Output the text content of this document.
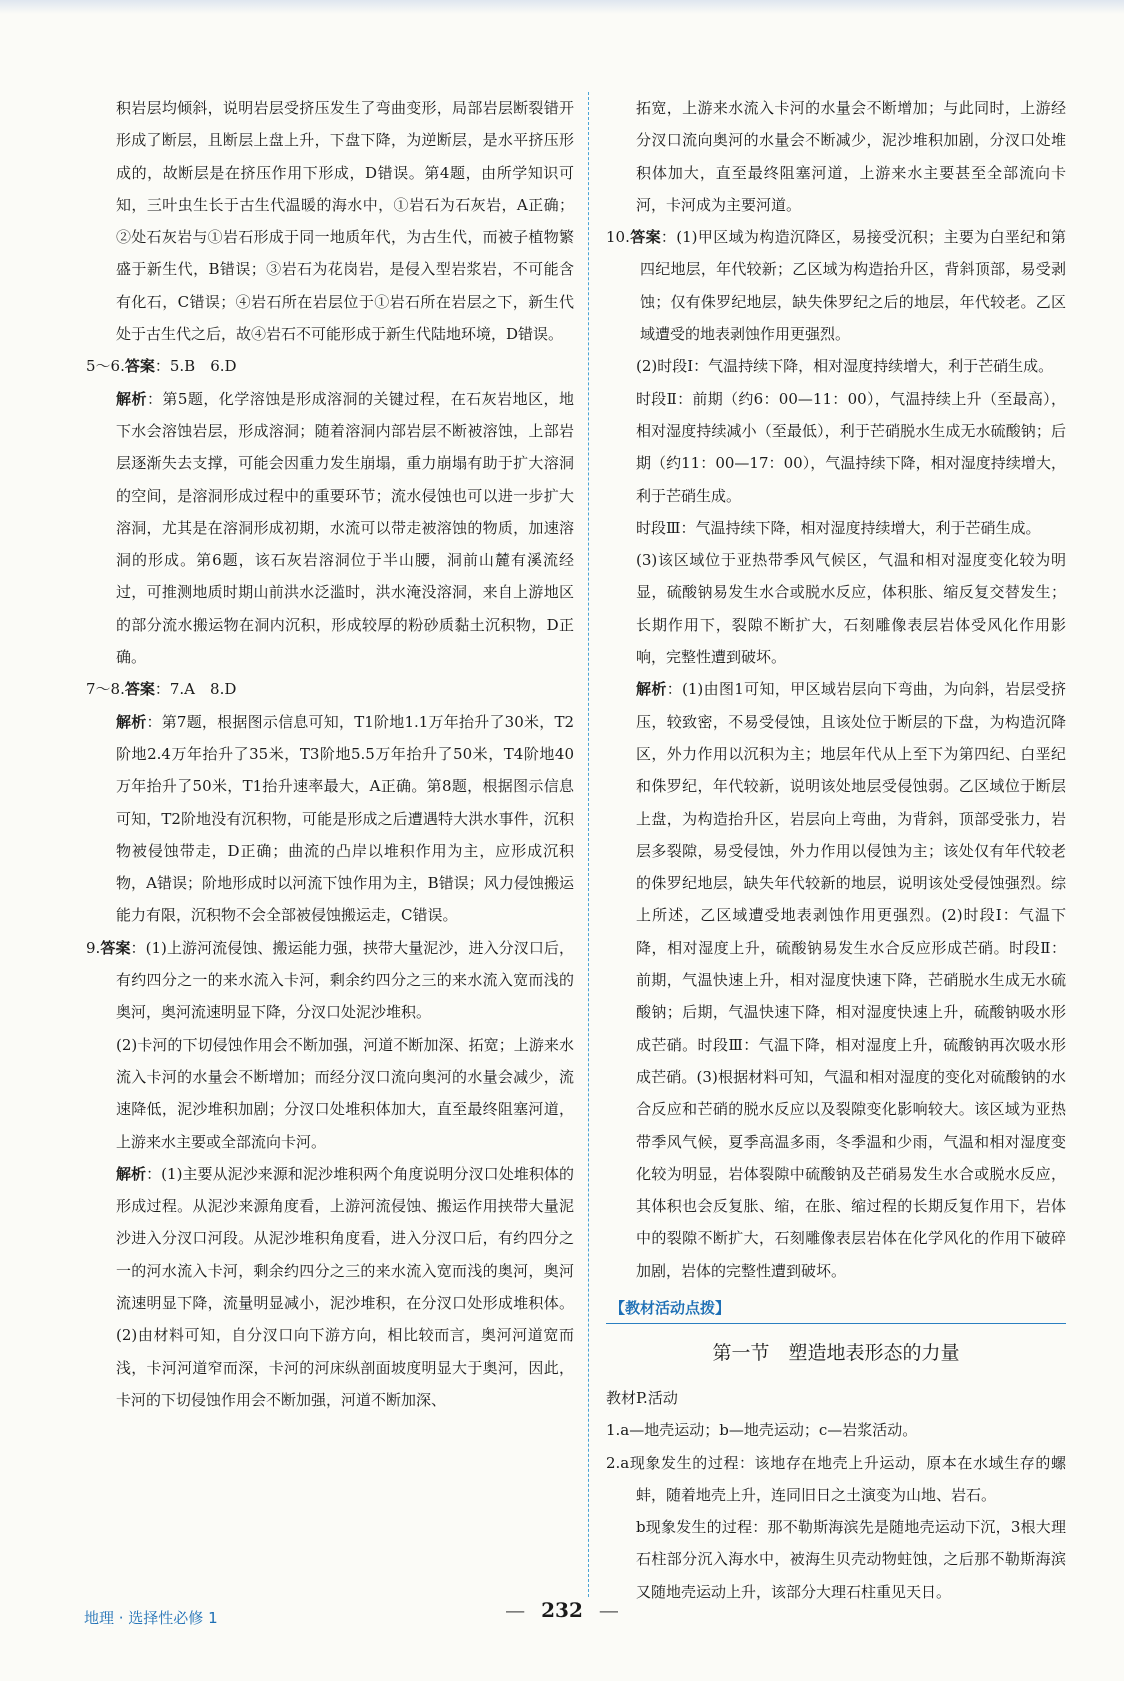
积岩层均倾斜，说明岩层受挤压发生了弯曲变形，局部岩层断裂错开形成了断层，且断层上盘上升，下盘下降，为逆断层，是水平挤压形成的，故断层是在挤压作用下形成，D错误。第4题，由所学知识可知，三叶虫生长于古生代温暖的海水中，①岩石为石灰岩，A正确；②处石灰岩与①岩石形成于同一地质年代，为古生代，而被子植物繁盛于新生代，B错误；③岩石为花岗岩，是侵入型岩浆岩，不可能含有化石，C错误；④岩石所在岩层位于①岩石所在岩层之下，新生代处于古生代之后，故④岩石不可能形成于新生代陆地环境，D错误。

5～6.答案：5.B　6.D

解析：第5题，化学溶蚀是形成溶洞的关键过程，在石灰岩地区，地下水会溶蚀岩层，形成溶洞；随着溶洞内部岩层不断被溶蚀，上部岩层逐渐失去支撑，可能会因重力发生崩塌，重力崩塌有助于扩大溶洞的空间，是溶洞形成过程中的重要环节；流水侵蚀也可以进一步扩大溶洞，尤其是在溶洞形成初期，水流可以带走被溶蚀的物质，加速溶洞的形成。第6题，该石灰岩溶洞位于半山腰，洞前山麓有溪流经过，可推测地质时期山前洪水泛滥时，洪水淹没溶洞，来自上游地区的部分流水搬运物在洞内沉积，形成较厚的粉砂质黏土沉积物，D正确。

7～8.答案：7.A　8.D

解析：第7题，根据图示信息可知，T1阶地1.1万年抬升了30米，T2阶地2.4万年抬升了35米，T3阶地5.5万年抬升了50米，T4阶地40万年抬升了50米，T1抬升速率最大，A正确。第8题，根据图示信息可知，T2阶地没有沉积物，可能是形成之后遭遇特大洪水事件，沉积物被侵蚀带走，D正确；曲流的凸岸以堆积作用为主，应形成沉积物，A错误；阶地形成时以河流下蚀作用为主，B错误；风力侵蚀搬运能力有限，沉积物不会全部被侵蚀搬运走，C错误。

9.答案：(1)上游河流侵蚀、搬运能力强，挟带大量泥沙，进入分汊口后，有约四分之一的来水流入卡河，剩余约四分之三的来水流入宽而浅的奥河，奥河流速明显下降，分汊口处泥沙堆积。

(2)卡河的下切侵蚀作用会不断加强，河道不断加深、拓宽；上游来水流入卡河的水量会不断增加；而经分汊口流向奥河的水量会减少，流速降低，泥沙堆积加剧；分汊口处堆积体加大，直至最终阻塞河道，上游来水主要或全部流向卡河。

解析：(1)主要从泥沙来源和泥沙堆积两个角度说明分汊口处堆积体的形成过程。从泥沙来源角度看，上游河流侵蚀、搬运作用挟带大量泥沙进入分汊口河段。从泥沙堆积角度看，进入分汊口后，有约四分之一的河水流入卡河，剩余约四分之三的来水流入宽而浅的奥河，奥河流速明显下降，流量明显减小，泥沙堆积，在分汊口处形成堆积体。(2)由材料可知，自分汊口向下游方向，相比较而言，奥河河道宽而浅，卡河河道窄而深，卡河的河床纵剖面坡度明显大于奥河，因此，卡河的下切侵蚀作用会不断加强，河道不断加深、

拓宽，上游来水流入卡河的水量会不断增加；与此同时，上游经分汊口流向奥河的水量会不断减少，泥沙堆积加剧，分汊口处堆积体加大，直至最终阻塞河道，上游来水主要甚至全部流向卡河，卡河成为主要河道。

10.答案：(1)甲区域为构造沉降区，易接受沉积；主要为白垩纪和第四纪地层，年代较新；乙区域为构造抬升区，背斜顶部，易受剥蚀；仅有侏罗纪地层，缺失侏罗纪之后的地层，年代较老。乙区域遭受的地表剥蚀作用更强烈。

(2)时段Ⅰ：气温持续下降，相对湿度持续增大，利于芒硝生成。

时段Ⅱ：前期（约6：00—11：00），气温持续上升（至最高），相对湿度持续减小（至最低），利于芒硝脱水生成无水硫酸钠；后期（约11：00—17：00），气温持续下降，相对湿度持续增大，利于芒硝生成。

时段Ⅲ：气温持续下降，相对湿度持续增大，利于芒硝生成。

(3)该区域位于亚热带季风气候区，气温和相对湿度变化较为明显，硫酸钠易发生水合或脱水反应，体积胀、缩反复交替发生；长期作用下，裂隙不断扩大，石刻雕像表层岩体受风化作用影响，完整性遭到破坏。

解析：(1)由图1可知，甲区域岩层向下弯曲，为向斜，岩层受挤压，较致密，不易受侵蚀，且该处位于断层的下盘，为构造沉降区，外力作用以沉积为主；地层年代从上至下为第四纪、白垩纪和侏罗纪，年代较新，说明该处地层受侵蚀弱。乙区域位于断层上盘，为构造抬升区，岩层向上弯曲，为背斜，顶部受张力，岩层多裂隙，易受侵蚀，外力作用以侵蚀为主；该处仅有年代较老的侏罗纪地层，缺失年代较新的地层，说明该处受侵蚀强烈。综上所述，乙区域遭受地表剥蚀作用更强烈。(2)时段Ⅰ：气温下降，相对湿度上升，硫酸钠易发生水合反应形成芒硝。时段Ⅱ：前期，气温快速上升，相对湿度快速下降，芒硝脱水生成无水硫酸钠；后期，气温快速下降，相对湿度快速上升，硫酸钠吸水形成芒硝。时段Ⅲ：气温下降，相对湿度上升，硫酸钠再次吸水形成芒硝。(3)根据材料可知，气温和相对湿度的变化对硫酸钠的水合反应和芒硝的脱水反应以及裂隙变化影响较大。该区域为亚热带季风气候，夏季高温多雨，冬季温和少雨，气温和相对湿度变化较为明显，岩体裂隙中硫酸钠及芒硝易发生水合或脱水反应，其体积也会反复胀、缩，在胀、缩过程的长期反复作用下，岩体中的裂隙不断扩大，石刻雕像表层岩体在化学风化的作用下破碎加剧，岩体的完整性遭到破坏。

【教材活动点拨】
第一节　塑造地表形态的力量

教材P.活动

1.a—地壳运动；b—地壳运动；c—岩浆活动。

2.a现象发生的过程：该地存在地壳上升运动，原本在水域生存的螺蚌，随着地壳上升，连同旧日之土演变为山地、岩石。

b现象发生的过程：那不勒斯海滨先是随地壳运动下沉，3根大理石柱部分沉入海水中，被海生贝壳动物蛀蚀，之后那不勒斯海滨又随地壳运动上升，该部分大理石柱重见天日。

地理 · 选择性必修 1	— 232 —
